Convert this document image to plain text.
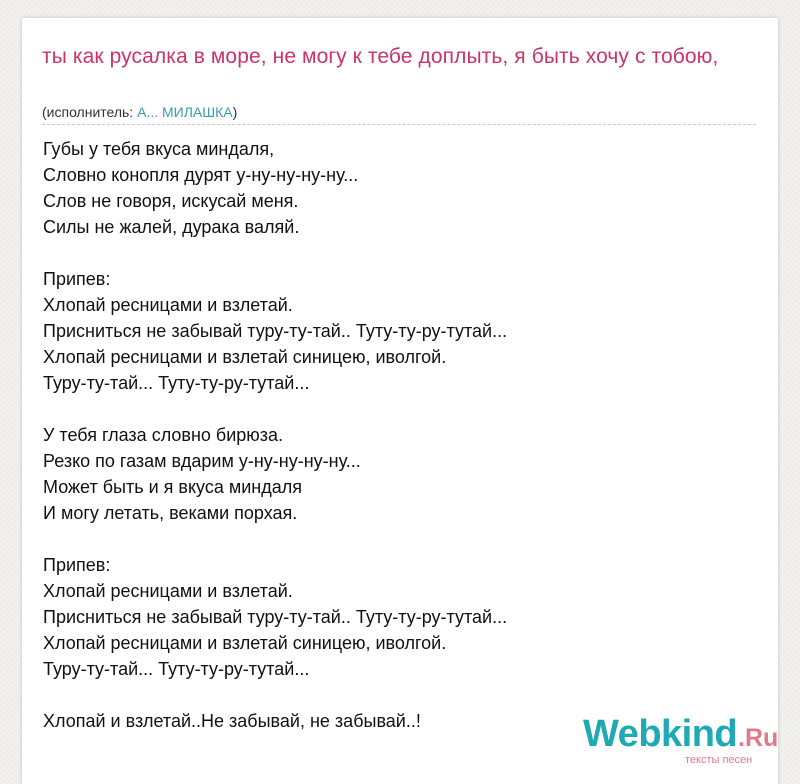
ты как русалка в море, не могу к тебе доплыть, я быть хочу с тобою,
(исполнитель: А... МИЛАШКА)
Губы у тебя вкуса миндаля,
Словно конопля дурят у-ну-ну-ну-ну...
Слов не говоря, искусай меня.
Силы не жалей, дурака валяй.
Припев:
Хлопай ресницами и взлетай.
Присниться не забывай туру-ту-тай.. Туту-ту-ру-тутай...
Хлопай ресницами и взлетай синицею, иволгой.
Туру-ту-тай... Туту-ту-ру-тутай...
У тебя глаза словно бирюза.
Резко по газам вдарим у-ну-ну-ну-ну...
Может быть и я вкуса миндаля
И могу летать, веками порхая.
Припев:
Хлопай ресницами и взлетай.
Присниться не забывай туру-ту-тай.. Туту-ту-ру-тутай...
Хлопай ресницами и взлетай синицею, иволгой.
Туру-ту-тай... Туту-ту-ру-тутай...
Хлопай и взлетай..Не забывай, не забывай..!	Webkind .Ru
тексты песен
